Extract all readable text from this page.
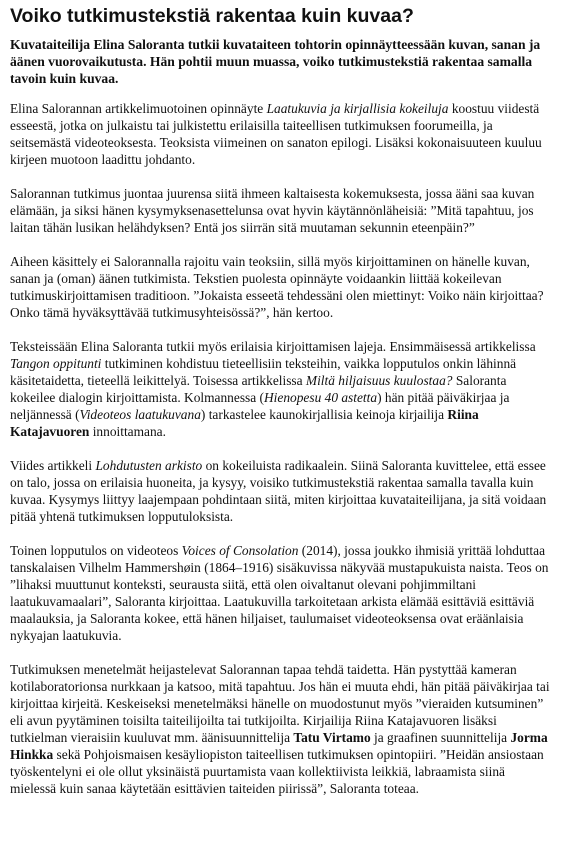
Voiko tutkimustekstiä rakentaa kuin kuvaa?

Kuvataiteilija Elina Saloranta tutkii kuvataiteen tohtorin opinnäytteessään kuvan, sanan ja äänen vuorovaikutusta. Hän pohtii muun muassa, voiko tutkimustekstiä rakentaa samalla tavoin kuin kuvaa.

Elina Salorannan artikkelimuotoinen opinnäyte Laatukuvia ja kirjallisia kokeiluja koostuu viidestä esseestä, jotka on julkaistu tai julkistettu erilaisilla taiteellisen tutkimuksen foorumeilla, ja seitsemästä videoteoksesta. Teoksista viimeinen on sanaton epilogi. Lisäksi kokonaisuuteen kuuluu kirjeen muotoon laadittu johdanto.

Salorannan tutkimus juontaa juurensa siitä ihmeen kaltaisesta kokemuksesta, jossa ääni saa kuvan elämään, ja siksi hänen kysymyksenasettelunsa ovat hyvin käytännönläheisiä: ”Mitä tapahtuu, jos laitan tähän lusikan helähdyksen? Entä jos siirrän sitä muutaman sekunnin eteenpäin?”

Aiheen käsittely ei Salorannalla rajoitu vain teoksiin, sillä myös kirjoittaminen on hänelle kuvan, sanan ja (oman) äänen tutkimista. Tekstien puolesta opinnäyte voidaankin liittää kokeilevan tutkimuskirjoittamisen traditioon. ”Jokaista esseetä tehdessäni olen miettinyt: Voiko näin kirjoittaa? Onko tämä hyväksyttävää tutkimusyhteisössä?”, hän kertoo.

Teksteissään Elina Saloranta tutkii myös erilaisia kirjoittamisen lajeja. Ensimmäisessä artikkelissa Tangon oppitunti tutkiminen kohdistuu tieteellisiin teksteihin, vaikka lopputulos onkin lähinnä käsitetaidetta, tieteellä leikittelyä. Toisessa artikkelissa Miltä hiljaisuus kuulostaa? Saloranta kokeilee dialogin kirjoittamista. Kolmannessa (Hienopesu 40 astetta) hän pitää päiväkirjaa ja neljännessä (Videoteos laatukuvana) tarkastelee kaunokirjallisia keinoja kirjailija Riina Katajavuoren innoittamana.

Viides artikkeli Lohdutusten arkisto on kokeiluista radikaalein. Siinä Saloranta kuvittelee, että essee on talo, jossa on erilaisia huoneita, ja kysyy, voisiko tutkimustekstiä rakentaa samalla tavalla kuin kuvaa. Kysymys liittyy laajempaan pohdintaan siitä, miten kirjoittaa kuvataiteilijana, ja sitä voidaan pitää yhtenä tutkimuksen lopputuloksista.

Toinen lopputulos on videoteos Voices of Consolation (2014), jossa joukko ihmisiä yrittää lohduttaa tanskalaisen Vilhelm Hammershøin (1864–1916) sisäkuvissa näkyvää mustapukuista naista. Teos on ”lihaksi muuttunut konteksti, seurausta siitä, että olen oivaltanut olevani pohjimmiltani laatukuvamaalari”, Saloranta kirjoittaa. Laatukuvilla tarkoitetaan arkista elämää esittäviä esittäviä maalauksia, ja Saloranta kokee, että hänen hiljaiset, taulumaiset videoteoksensa ovat eräänlaisia nykyajan laatukuvia.

Tutkimuksen menetelmät heijastelevat Salorannan tapaa tehdä taidetta. Hän pystyttää kameran kotilaboratorionsa nurkkaan ja katsoo, mitä tapahtuu. Jos hän ei muuta ehdi, hän pitää päiväkirjaa tai kirjoittaa kirjeitä. Keskeiseksi menetelmäksi hänelle on muodostunut myös ”vieraiden kutsuminen” eli avun pyytäminen toisilta taiteilijoilta tai tutkijoilta. Kirjailija Riina Katajavuoren lisäksi tutkielman vieraisiin kuuluvat mm. äänisuunnittelija Tatu Virtamo ja graafinen suunnittelija Jorma Hinkka sekä Pohjoismaisen kesäyliopiston taiteellisen tutkimuksen opintopiiri. ”Heidän ansiostaan työskentelyni ei ole ollut yksinäistä puurtamista vaan kollektiivista leikkiä, labraamista siinä mielessä kuin sanaa käytetään esittävien taiteiden piirissä”, Saloranta toteaa.
